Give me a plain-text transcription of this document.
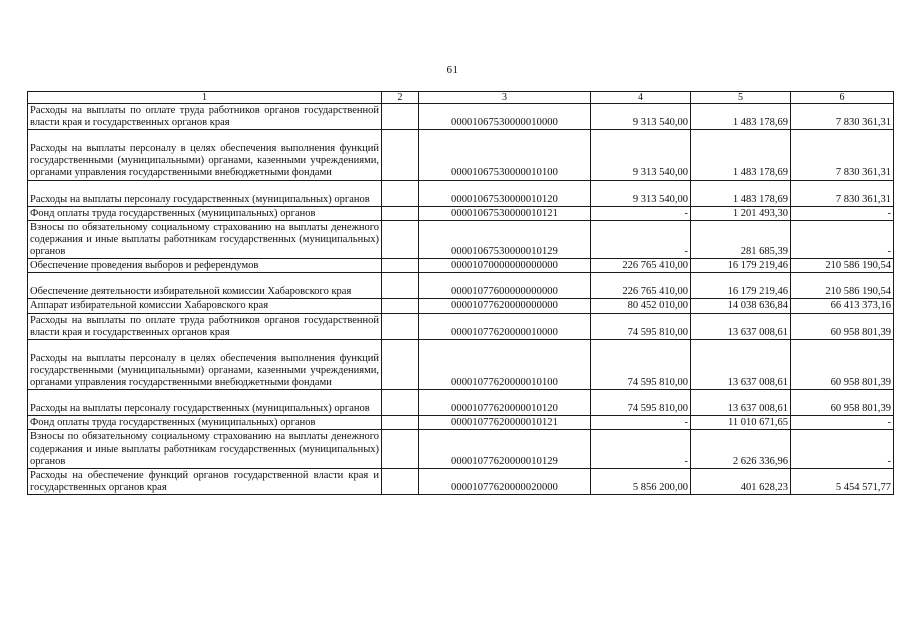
61
1	2	3	4	5	6
Расходы на выплаты по оплате труда работников органов государственной власти края и государственных органов края		00001067530000010000	9 313 540,00	1 483 178,69	7 830 361,31
Расходы на выплаты персоналу в целях обеспечения выполнения функций государственными (муниципальными) органами, казенными учреждениями, органами управления государственными внебюджетными фондами		00001067530000010100	9 313 540,00	1 483 178,69	7 830 361,31
Расходы на выплаты персоналу государственных (муниципальных) органов		00001067530000010120	9 313 540,00	1 483 178,69	7 830 361,31
Фонд оплаты труда государственных (муниципальных) органов		00001067530000010121	-	1 201 493,30	-
Взносы по обязательному социальному страхованию на выплаты денежного содержания и иные выплаты работникам государственных (муниципальных) органов		00001067530000010129	-	281 685,39	-
Обеспечение проведения выборов и референдумов		00001070000000000000	226 765 410,00	16 179 219,46	210 586 190,54
Обеспечение деятельности избирательной комиссии Хабаровского края		00001077600000000000	226 765 410,00	16 179 219,46	210 586 190,54
Аппарат избирательной комиссии Хабаровского края		00001077620000000000	80 452 010,00	14 038 636,84	66 413 373,16
Расходы на выплаты по оплате труда работников органов государственной власти края и государственных органов края		00001077620000010000	74 595 810,00	13 637 008,61	60 958 801,39
Расходы на выплаты персоналу в целях обеспечения выполнения функций государственными (муниципальными) органами, казенными учреждениями, органами управления государственными внебюджетными фондами		00001077620000010100	74 595 810,00	13 637 008,61	60 958 801,39
Расходы на выплаты персоналу государственных (муниципальных) органов		00001077620000010120	74 595 810,00	13 637 008,61	60 958 801,39
Фонд оплаты труда государственных (муниципальных) органов		00001077620000010121	-	11 010 671,65	-
Взносы по обязательному социальному страхованию на выплаты денежного содержания и иные выплаты работникам государственных (муниципальных) органов		00001077620000010129	-	2 626 336,96	-
Расходы на обеспечение функций органов государственной власти края и государственных органов края		00001077620000020000	5 856 200,00	401 628,23	5 454 571,77
